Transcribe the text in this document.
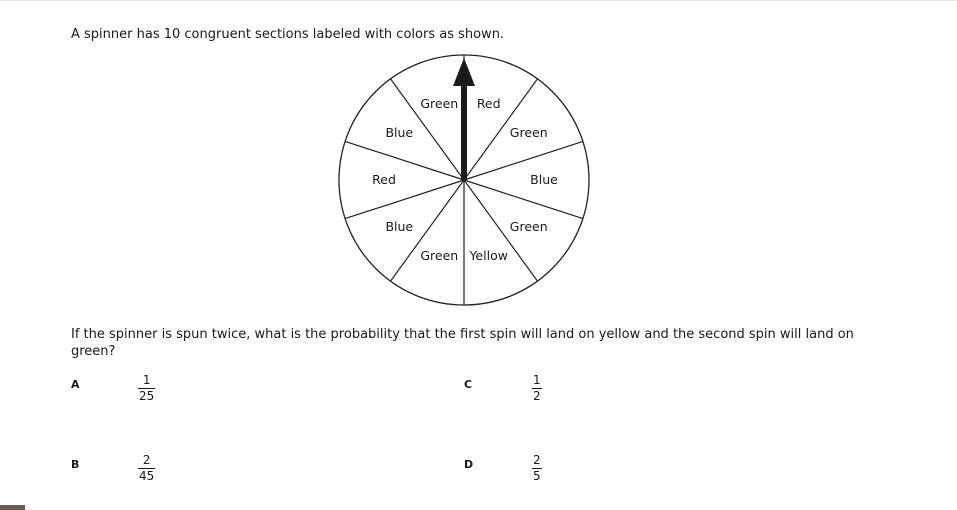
A spinner has 10 congruent sections labeled with colors as shown.
Red
Green
Blue
Green
Yellow
Green
Blue
Red
Blue
Green
If the spinner is spun twice, what is the probability that the first spin will land on yellow and the second spin will land on green?
A	1
25
B	2
45
C	1
2
D	2
5
